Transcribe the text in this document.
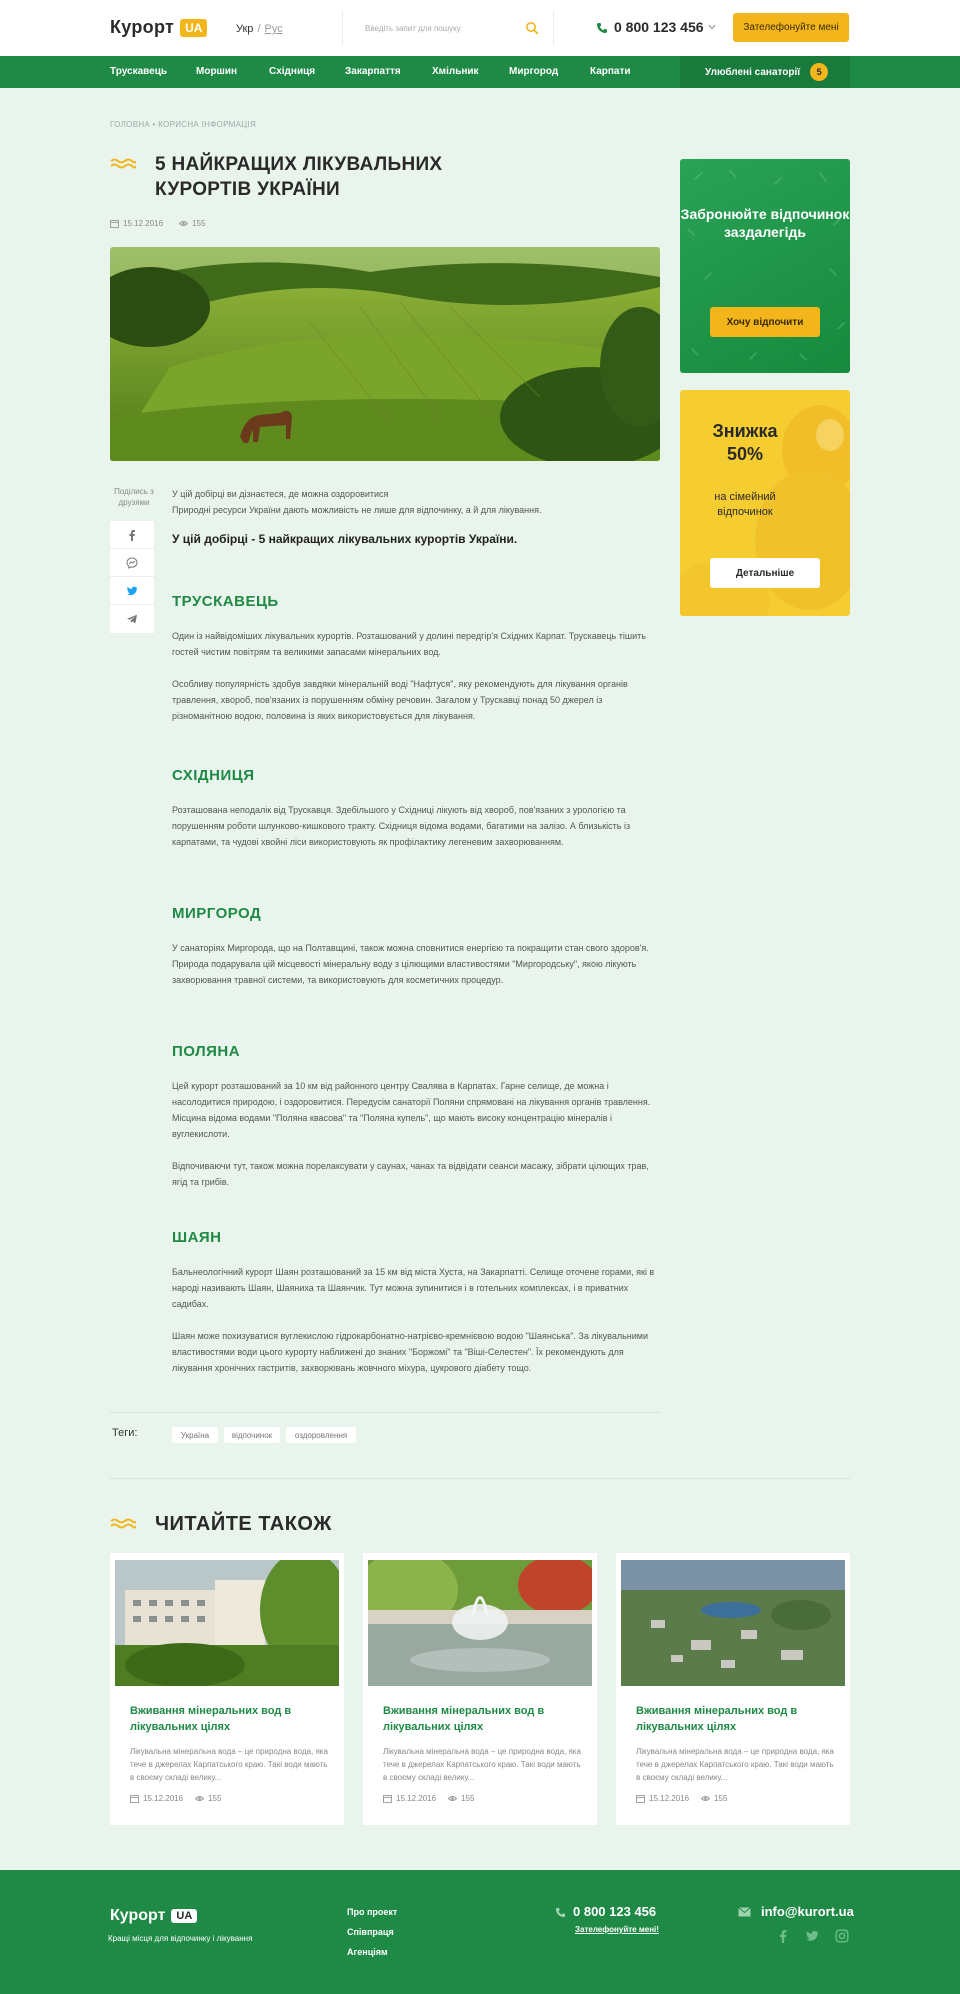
Курорт UA	Укр / Рус
Введіть запит для пошуку	0 800 123 456	Зателефонуйте мені
Трускавець	Моршин	Східниця	Закарпаття	Хмільник	Миргород	Карпати	Улюблені санаторії	5
ГОЛОВНА • КОРИСНА ІНФОРМАЦІЯ
5 НАЙКРАЩИХ ЛІКУВАЛЬНИХ КУРОРТІВ УКРАЇНИ
15.12.2016	155
Поділись з друзями
У цій добірці ви дізнаєтеся, де можна оздоровитися
Природні ресурси України дають можливість не лише для відпочинку, а й для лікування.
У цій добірці - 5 найкращих лікувальних курортів України.
ТРУСКАВЕЦЬ

Один із найвідоміших лікувальних курортів. Розташований у долині передгір'я Східних Карпат. Трускавець тішить гостей чистим повітрям та великими запасами мінеральних вод.

Особливу популярність здобув завдяки мінеральній воді "Нафтуся", яку рекомендують для лікування органів травлення, хвороб, пов'язаних із порушенням обміну речовин. Загалом у Трускавці понад 50 джерел із різноманітною водою, половина із яких використовується для лікування.

СХІДНИЦЯ

Розташована неподалік від Трускавця. Здебільшого у Східниці лікують від хвороб, пов'язаних з урологією та порушенням роботи шлунково-кишкового тракту. Східниця відома водами, багатими на залізо. А близькість із карпатами, та чудові хвойні ліси використовують як профілактику легеневим захворюванням.

МИРГОРОД

У санаторіях Миргорода, що на Полтавщині, також можна сповнитися енергією та покращити стан свого здоров'я. Природа подарувала цій місцевості мінеральну воду з цілющими властивостями "Миргородську", якою лікують захворювання травної системи, та використовують для косметичних процедур.

ПОЛЯНА

Цей курорт розташований за 10 км від районного центру Свалява в Карпатах. Гарне селище, де можна і насолодитися природою, і оздоровитися. Передусім санаторії Поляни спрямовані на лікування органів травлення. Місцина відома водами "Поляна квасова" та "Поляна купель", що мають високу концентрацію мінералів і вуглекислоти.

Відпочиваючи тут, також можна порелаксувати у саунах, чанах та відвідати сеанси масажу, зібрати цілющих трав, ягід та грибів.

ШАЯН

Бальнеологічний курорт Шаян розташований за 15 км від міста Хуста, на Закарпатті. Селище оточене горами, які в народі називають Шаян, Шаяниха та Шаянчик. Тут можна зупинитися і в готельних комплексах, і в приватних садибах.

Шаян може похизуватися вуглекислою гідрокарбонатно-натрієво-кремнієвою водою "Шаянська". За лікувальними властивостями води цього курорту наближені до знаних "Боржомі" та "Віші-Селестен". Їх рекомендують для лікування хронічних гастритів, захворювань жовчного міхура, цукрового діабету тощо.

Теги:	Україна	відпочинок	оздоровлення
Забронюйте відпочинок заздалегідь
Хочу відпочити
Знижка 50%
на сімейний відпочинок
Детальніше
ЧИТАЙТЕ ТАКОЖ
Вживання мінеральних вод в лікувальних цілях
Лікувальна мінеральна вода – це природна вода, яка тече в джерелах Карпатського краю. Такі води мають в своєму складі велику...
15.12.2016	155
Вживання мінеральних вод в лікувальних цілях
Лікувальна мінеральна вода – це природна вода, яка тече в джерелах Карпатського краю. Такі води мають в своєму складі велику...
15.12.2016	155
Вживання мінеральних вод в лікувальних цілях
Лікувальна мінеральна вода – це природна вода, яка тече в джерелах Карпатського краю. Такі води мають в своєму складі велику...
15.12.2016	155
Курорт	UA
Кращі місця для відпочинку і лікування
Про проект
Співпраця
Агенціям
0 800 123 456
Зателефонуйте мені!
info@kurort.ua
